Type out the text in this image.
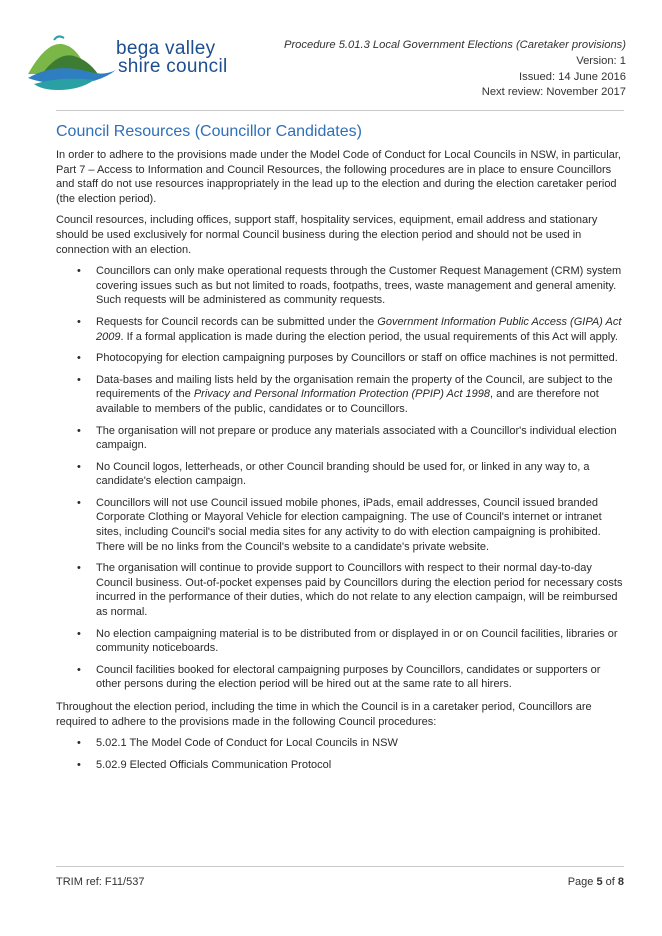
bega valley
shire council
Procedure 5.01.3 Local Government Elections (Caretaker provisions)
Version: 1
Issued: 14 June 2016
Next review: November 2017
Council Resources (Councillor Candidates)

In order to adhere to the provisions made under the Model Code of Conduct for Local Councils in NSW, in particular, Part 7 – Access to Information and Council Resources, the following procedures are in place to ensure Councillors and staff do not use resources inappropriately in the lead up to the election and during the election caretaker period (the election period).

Council resources, including offices, support staff, hospitality services, equipment, email address and stationary should be used exclusively for normal Council business during the election period and should not be used in connection with an election.

• Councillors can only make operational requests through the Customer Request Management (CRM) system covering issues such as but not limited to roads, footpaths, trees, waste management and general amenity. Such requests will be administered as community requests.
• Requests for Council records can be submitted under the Government Information Public Access (GIPA) Act 2009. If a formal application is made during the election period, the usual requirements of this Act will apply.
• Photocopying for election campaigning purposes by Councillors or staff on office machines is not permitted.
• Data-bases and mailing lists held by the organisation remain the property of the Council, are subject to the requirements of the Privacy and Personal Information Protection (PPIP) Act 1998, and are therefore not available to members of the public, candidates or to Councillors.
• The organisation will not prepare or produce any materials associated with a Councillor's individual election campaign.
• No Council logos, letterheads, or other Council branding should be used for, or linked in any way to, a candidate's election campaign.
• Councillors will not use Council issued mobile phones, iPads, email addresses, Council issued branded Corporate Clothing or Mayoral Vehicle for election campaigning. The use of Council's internet or intranet sites, including Council's social media sites for any activity to do with election campaigning is prohibited. There will be no links from the Council's website to a candidate's private website.
• The organisation will continue to provide support to Councillors with respect to their normal day-to-day Council business. Out-of-pocket expenses paid by Councillors during the election period for necessary costs incurred in the performance of their duties, which do not relate to any election campaign, will be reimbursed as normal.
• No election campaigning material is to be distributed from or displayed in or on Council facilities, libraries or community noticeboards.
• Council facilities booked for electoral campaigning purposes by Councillors, candidates or supporters or other persons during the election period will be hired out at the same rate to all hirers.

Throughout the election period, including the time in which the Council is in a caretaker period, Councillors are required to adhere to the provisions made in the following Council procedures:

• 5.02.1 The Model Code of Conduct for Local Councils in NSW
• 5.02.9 Elected Officials Communication Protocol
TRIM ref: F11/537	Page 5 of 8
